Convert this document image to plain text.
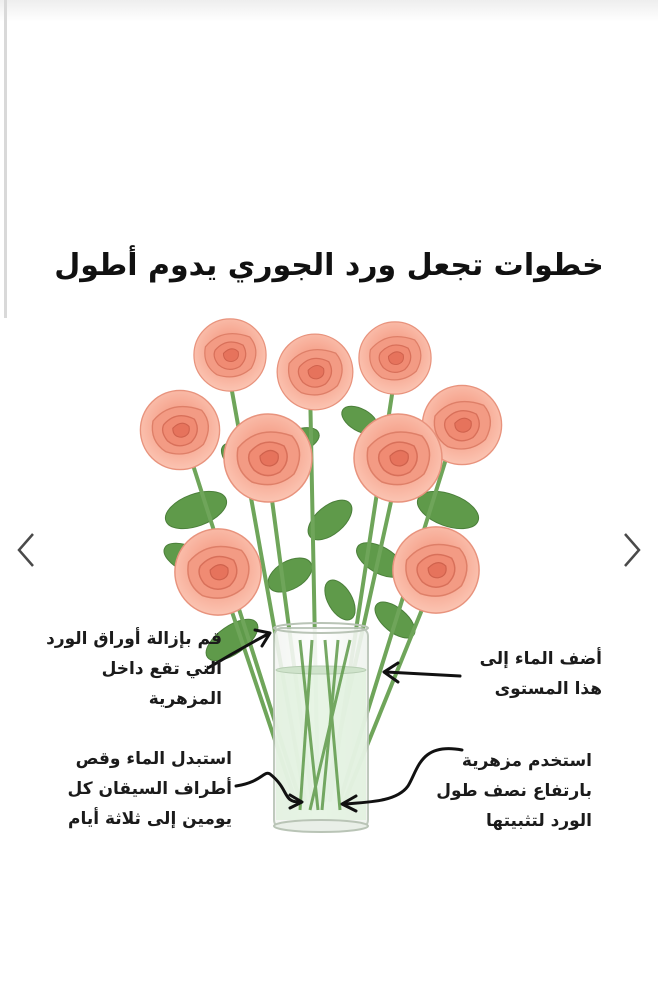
خطوات تجعل ورد الجوري يدوم أطول
قم بإزالة أوراق الورد
التي تقع داخل
المزهرية
أضف الماء إلى
هذا المستوى
استبدل الماء وقص
أطراف السيقان كل
يومين إلى ثلاثة أيام
استخدم مزهرية
بارتفاع نصف طول
الورد لتثبيتها
